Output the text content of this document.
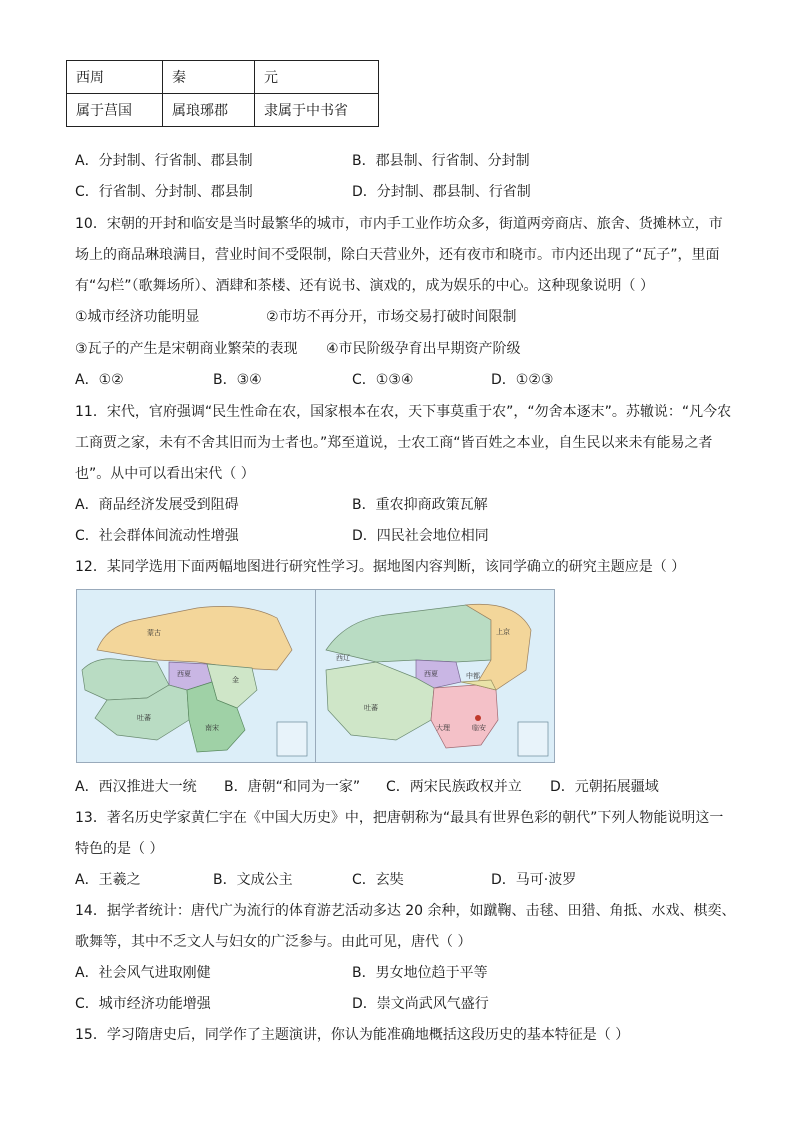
西周	秦	元
属于莒国	属琅琊郡	隶属于中书省
A．分封制、行省制、郡县制	B．郡县制、行省制、分封制
C．行省制、分封制、郡县制	D．分封制、郡县制、行省制
10．宋朝的开封和临安是当时最繁华的城市，市内手工业作坊众多，街道两旁商店、旅舍、货摊林立，市
场上的商品琳琅满目，营业时间不受限制，除白天营业外，还有夜市和晓市。市内还出现了“瓦子”，里面
有“勾栏”（歌舞场所）、酒肆和茶楼、还有说书、演戏的，成为娱乐的中心。这种现象说明（ ）
①城市经济功能明显	②市坊不再分开，市场交易打破时间限制
③瓦子的产生是宋朝商业繁荣的表现 ④市民阶级孕育出早期资产阶级
A．①②	B．③④	C．①③④	D．①②③
11．宋代，官府强调“民生性命在农，国家根本在农，天下事莫重于农”，“勿舍本逐末”。苏辙说：“凡今农
工商贾之家，未有不舍其旧而为士者也。”郑至道说，士农工商“皆百姓之本业，自生民以来未有能易之者
也”。从中可以看出宋代（ ）
A．商品经济发展受到阻碍	B．重农抑商政策瓦解
C．社会群体间流动性增强	D．四民社会地位相同
12．某同学选用下面两幅地图进行研究性学习。据地图内容判断，该同学确立的研究主题应是（ ）
蒙古
西夏
金
吐蕃
南宋
西辽
上京
中都
西夏
吐蕃
大理	临安
A．西汉推进大一统 B．唐朝“和同为一家” C．两宋民族政权并立 D．元朝拓展疆域
13．著名历史学家黄仁宇在《中国大历史》中，把唐朝称为“最具有世界色彩的朝代”下列人物能说明这一
特色的是（ ）
A．王羲之	B．文成公主	C．玄奘	D．马可·波罗
14．据学者统计：唐代广为流行的体育游艺活动多达 20 余种，如蹴鞠、击毬、田猎、角抵、水戏、棋奕、
歌舞等，其中不乏文人与妇女的广泛参与。由此可见，唐代（ ）
A．社会风气进取刚健	B．男女地位趋于平等
C．城市经济功能增强	D．崇文尚武风气盛行
15．学习隋唐史后，同学作了主题演讲，你认为能准确地概括这段历史的基本特征是（ ）
